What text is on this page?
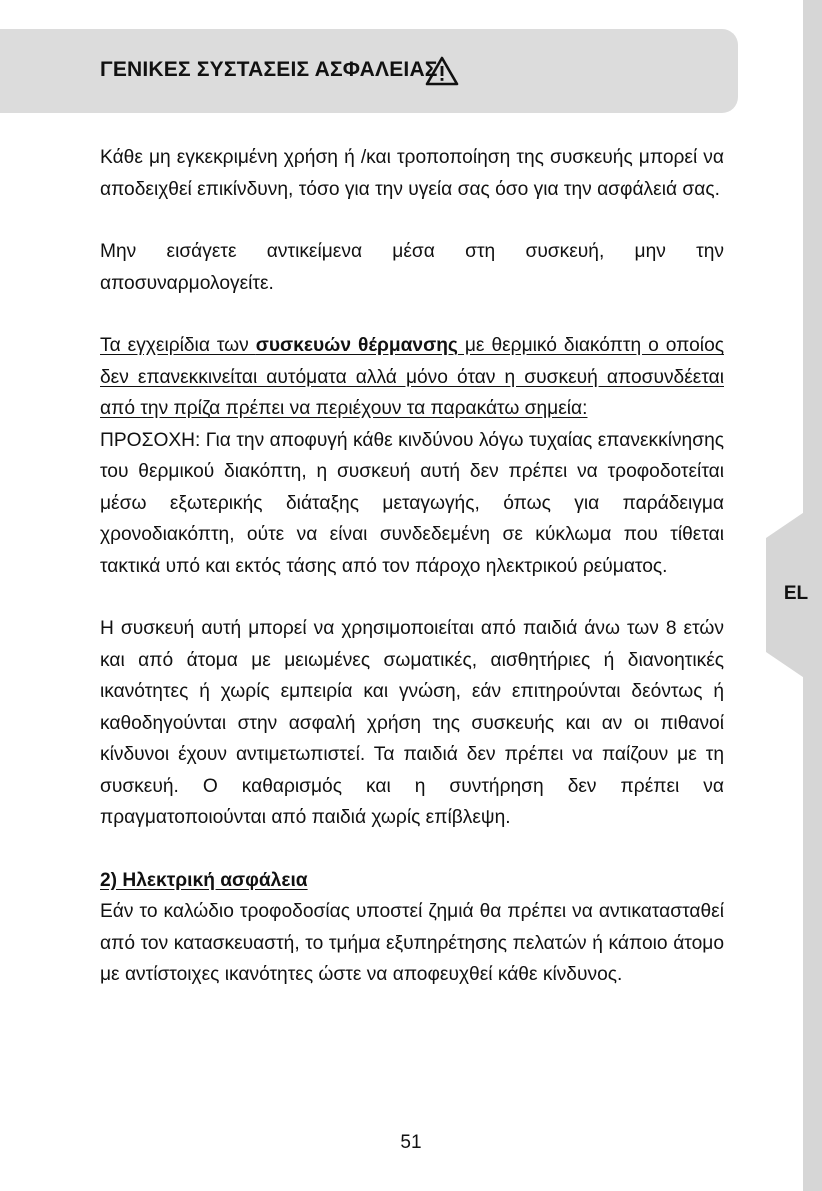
EL
ΓΕΝΙΚΕΣ ΣΥΣΤΑΣΕΙΣ ΑΣΦΑΛΕΙΑΣ

Κάθε μη εγκεκριμένη χρήση ή /και τροποποίηση της συσκευής μπορεί να αποδειχθεί επικίνδυνη, τόσο για την υγεία σας όσο για την ασφάλειά σας.

Μην εισάγετε αντικείμενα μέσα στη συσκευή, μην την αποσυναρμολογείτε.

Τα εγχειρίδια των συσκευών θέρμανσης με θερμικό διακόπτη ο οποίος δεν επανεκκινείται αυτόματα αλλά μόνο όταν η συσκευή αποσυνδέεται από την πρίζα πρέπει να περιέχουν τα παρακάτω σημεία:

ΠΡΟΣΟΧΗ: Για την αποφυγή κάθε κινδύνου λόγω τυχαίας επανεκκίνησης του θερμικού διακόπτη, η συσκευή αυτή δεν πρέπει να τροφοδοτείται μέσω εξωτερικής διάταξης μεταγωγής, όπως για παράδειγμα χρονοδιακόπτη, ούτε να είναι συνδεδεμένη σε κύκλωμα που τίθεται τακτικά υπό και εκτός τάσης από τον πάροχο ηλεκτρικού ρεύματος.

Η συσκευή αυτή μπορεί να χρησιμοποιείται από παιδιά άνω των 8 ετών και από άτομα με μειωμένες σωματικές, αισθητήριες ή διανοητικές ικανότητες ή χωρίς εμπειρία και γνώση, εάν επιτηρούνται δεόντως ή καθοδηγούνται στην ασφαλή χρήση της συσκευής και αν οι πιθανοί κίνδυνοι έχουν αντιμετωπιστεί. Τα παιδιά δεν πρέπει να παίζουν με τη συσκευή. Ο καθαρισμός και η συντήρηση δεν πρέπει να πραγματοποιούνται από παιδιά χωρίς επίβλεψη.

2) Ηλεκτρική ασφάλεια

Εάν το καλώδιο τροφοδοσίας υποστεί ζημιά θα πρέπει να αντικατασταθεί από τον κατασκευαστή, το τμήμα εξυπηρέτησης πελατών ή κάποιο άτομο με αντίστοιχες ικανότητες ώστε να αποφευχθεί κάθε κίνδυνος.

51
